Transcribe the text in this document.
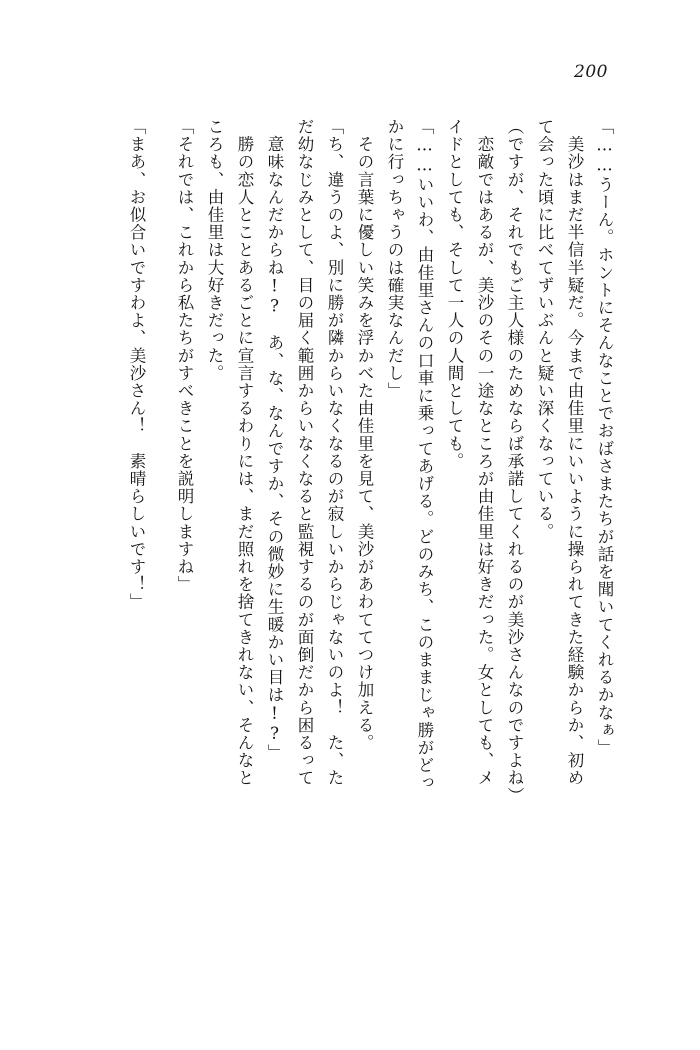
200
「……うーん。ホントにそんなことでおばさまたちが話を聞いてくれるかなぁ」
　美沙はまだ半信半疑だ。今まで由佳里にいいように操られてきた経験からか、初め
て会った頃に比べてずいぶんと疑い深くなっている。
（ですが、それでもご主人様のためならば承諾してくれるのが美沙さんなのですよね）
　恋敵ではあるが、美沙のその一途なところが由佳里は好きだった。女としても、メ
イドとしても、そして一人の人間としても。
「……いいわ、由佳里さんの口車に乗ってあげる。どのみち、このままじゃ勝がどっ
かに行っちゃうのは確実なんだし」
　その言葉に優しい笑みを浮かべた由佳里を見て、美沙があわててつけ加える。
「ち、違うのよ、別に勝が隣からいなくなるのが寂しいからじゃないのよ！　た、た
だ幼なじみとして、目の届く範囲からいなくなると監視するのが面倒だから困るって
　意味なんだからね!?　あ、な、なんですか、その微妙に生暖かい目は!?」
　勝の恋人とことあるごとに宣言するわりには、まだ照れを捨てきれない、そんなと
ころも、由佳里は大好きだった。
「それでは、これから私たちがすべきことを説明しますね」
「まあ、お似合いですわよ、美沙さん！　素晴らしいです！」
